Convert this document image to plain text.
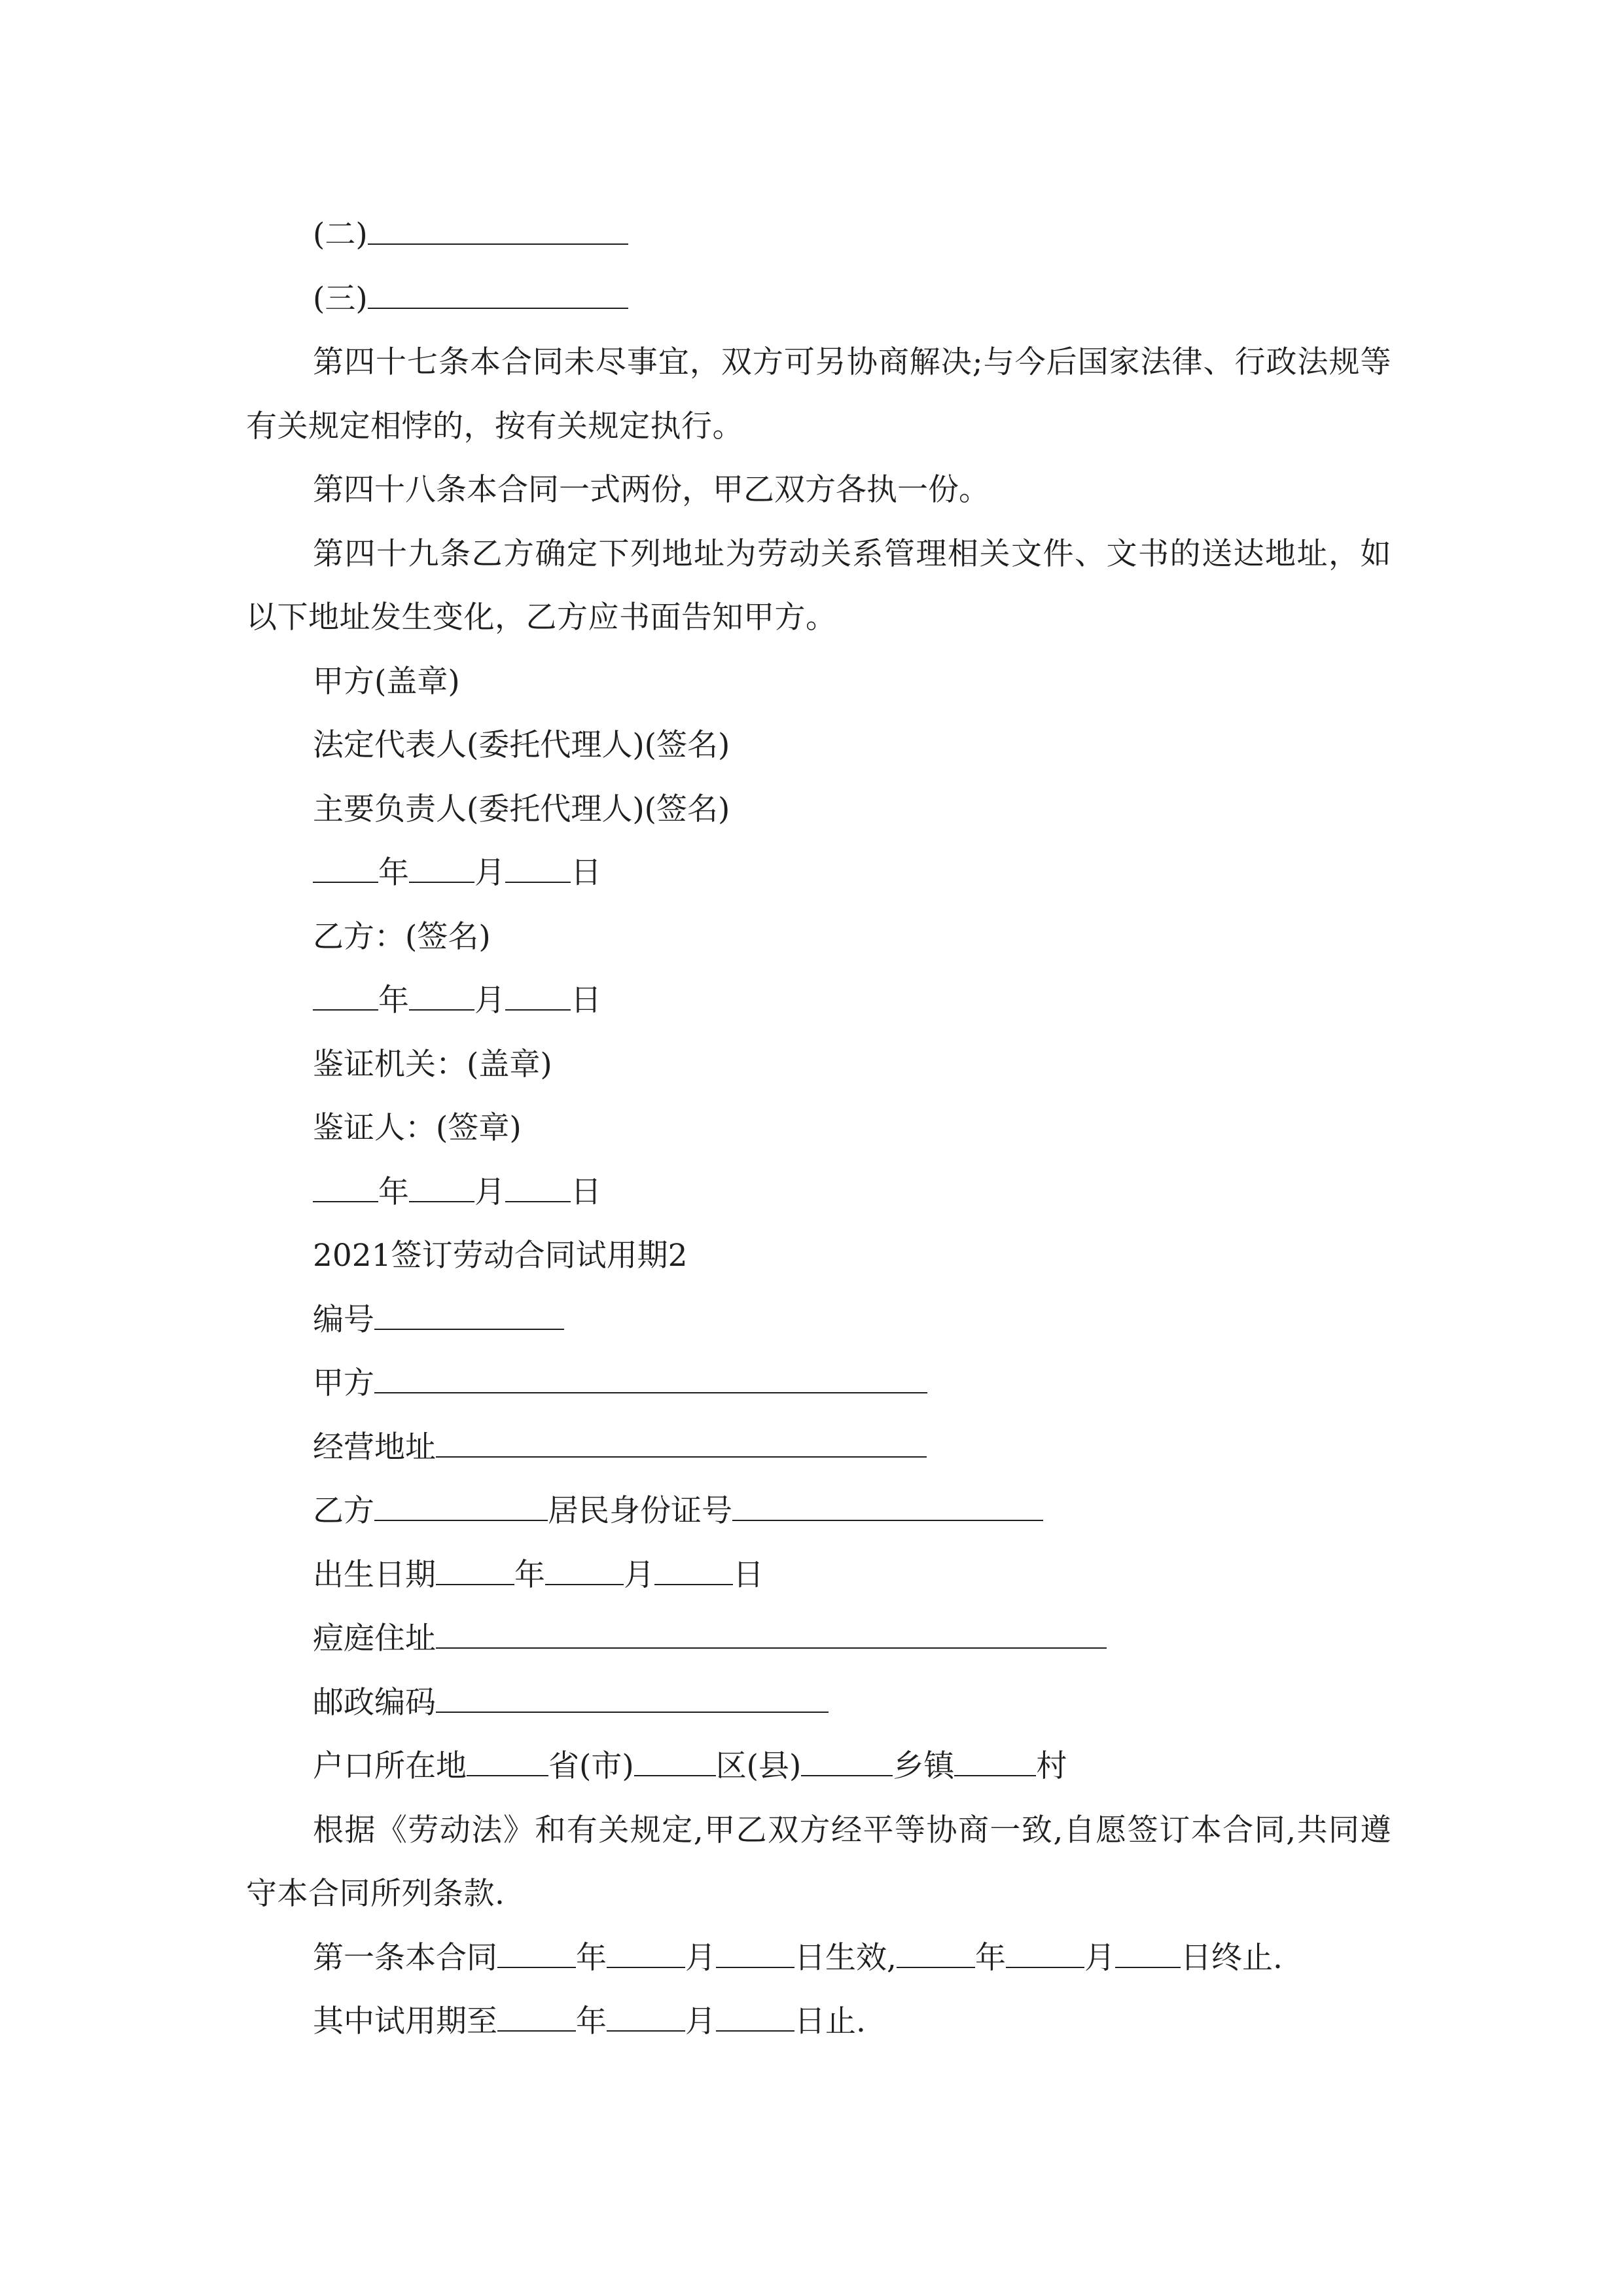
(二)
(三)
第四十七条本合同未尽事宜，双方可另协商解决;与今后国家法律、行政法规等有关规定相悖的，按有关规定执行。
第四十八条本合同一式两份，甲乙双方各执一份。
第四十九条乙方确定下列地址为劳动关系管理相关文件、文书的送达地址，如以下地址发生变化，乙方应书面告知甲方。
甲方(盖章)
法定代表人(委托代理人)(签名)
主要负责人(委托代理人)(签名)
年 月 日
乙方：(签名)
年 月 日
鉴证机关：(盖章)
鉴证人：(签章)
年 月 日
2021签订劳动合同试用期2
编号
甲方
经营地址
乙方	居民身份证号
出生日期	年	月	日
痘庭住址
邮政编码
户口所在地	省(市)	区(县)	乡镇	村
根据《劳动法》和有关规定,甲乙双方经平等协商一致,自愿签订本合同,共同遵守本合同所列条款.
第一条本合同	年	月	日生效,	年	月 日终止.
其中试用期至	年	月	日止.
